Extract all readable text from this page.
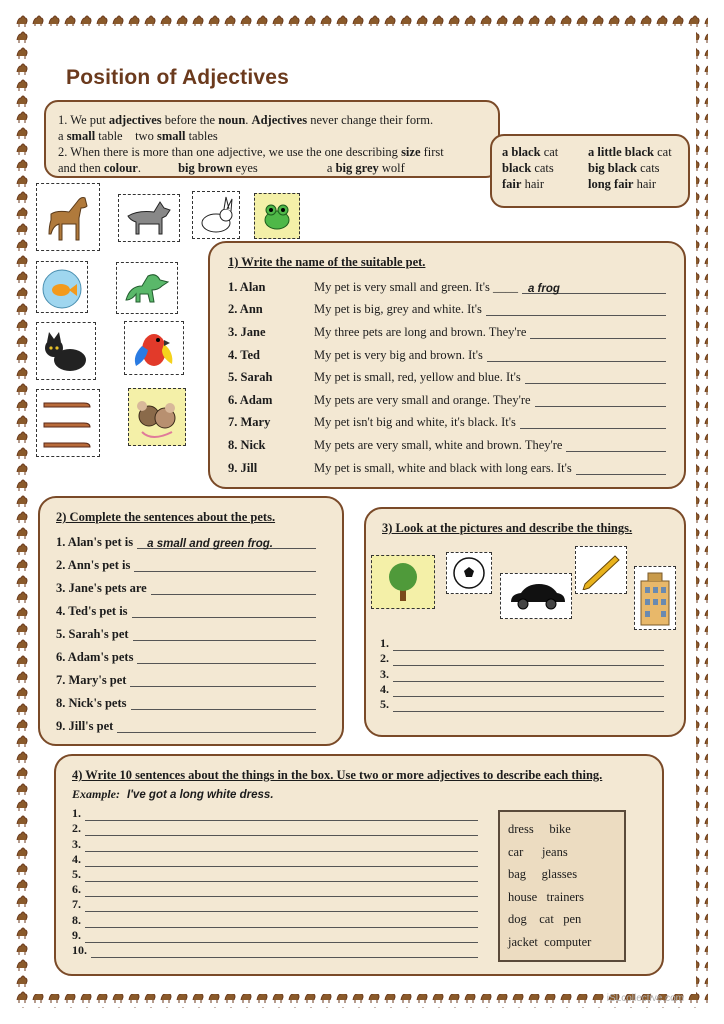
Position of Adjectives
1. We put adjectives before the noun. Adjectives never change their form.
a small table    two small tables
2. When there is more than one adjective, we use the one describing size first
and then colour.	big brown eyes	a big grey wolf
a black cat	a little black cat
black cats	big black cats
fair hair	long fair hair
1) Write the name of the suitable pet.
1. Alan	My pet is very small and green. It's ____ a frog
2. Ann	My pet is big, grey and white. It's
3. Jane	My three pets are long and brown. They're
4. Ted	My pet is very big and brown. It's
5. Sarah	My pet is small, red, yellow and blue. It's
6. Adam	My pets are very small and orange. They're
7. Mary	My pet isn't big and white, it's black. It's
8. Nick	My pets are very small, white and brown. They're
9. Jill	My pet is small, white and black with long ears. It's
2) Complete the sentences about the pets.
1. Alan's pet is	a small and green frog.
2. Ann's pet is
3. Jane's pets are
4. Ted's pet is
5. Sarah's pet
6. Adam's pets
7. Mary's pet
8. Nick's pets
9. Jill's pet
3) Look at the pictures and describe the things.
1.
2.
3.
4.
5.
4) Write 10 sentences about the things in the box. Use two or more adjectives to describe each thing.
Example: I've got a long white dress.
1.
2.
3.
4.
5.
6.
7.
8.
9.
10.
dress     bike
car      jeans
bag     glasses
house   trainers
dog    cat   pen
jacket  computer
iSLcollective.com
